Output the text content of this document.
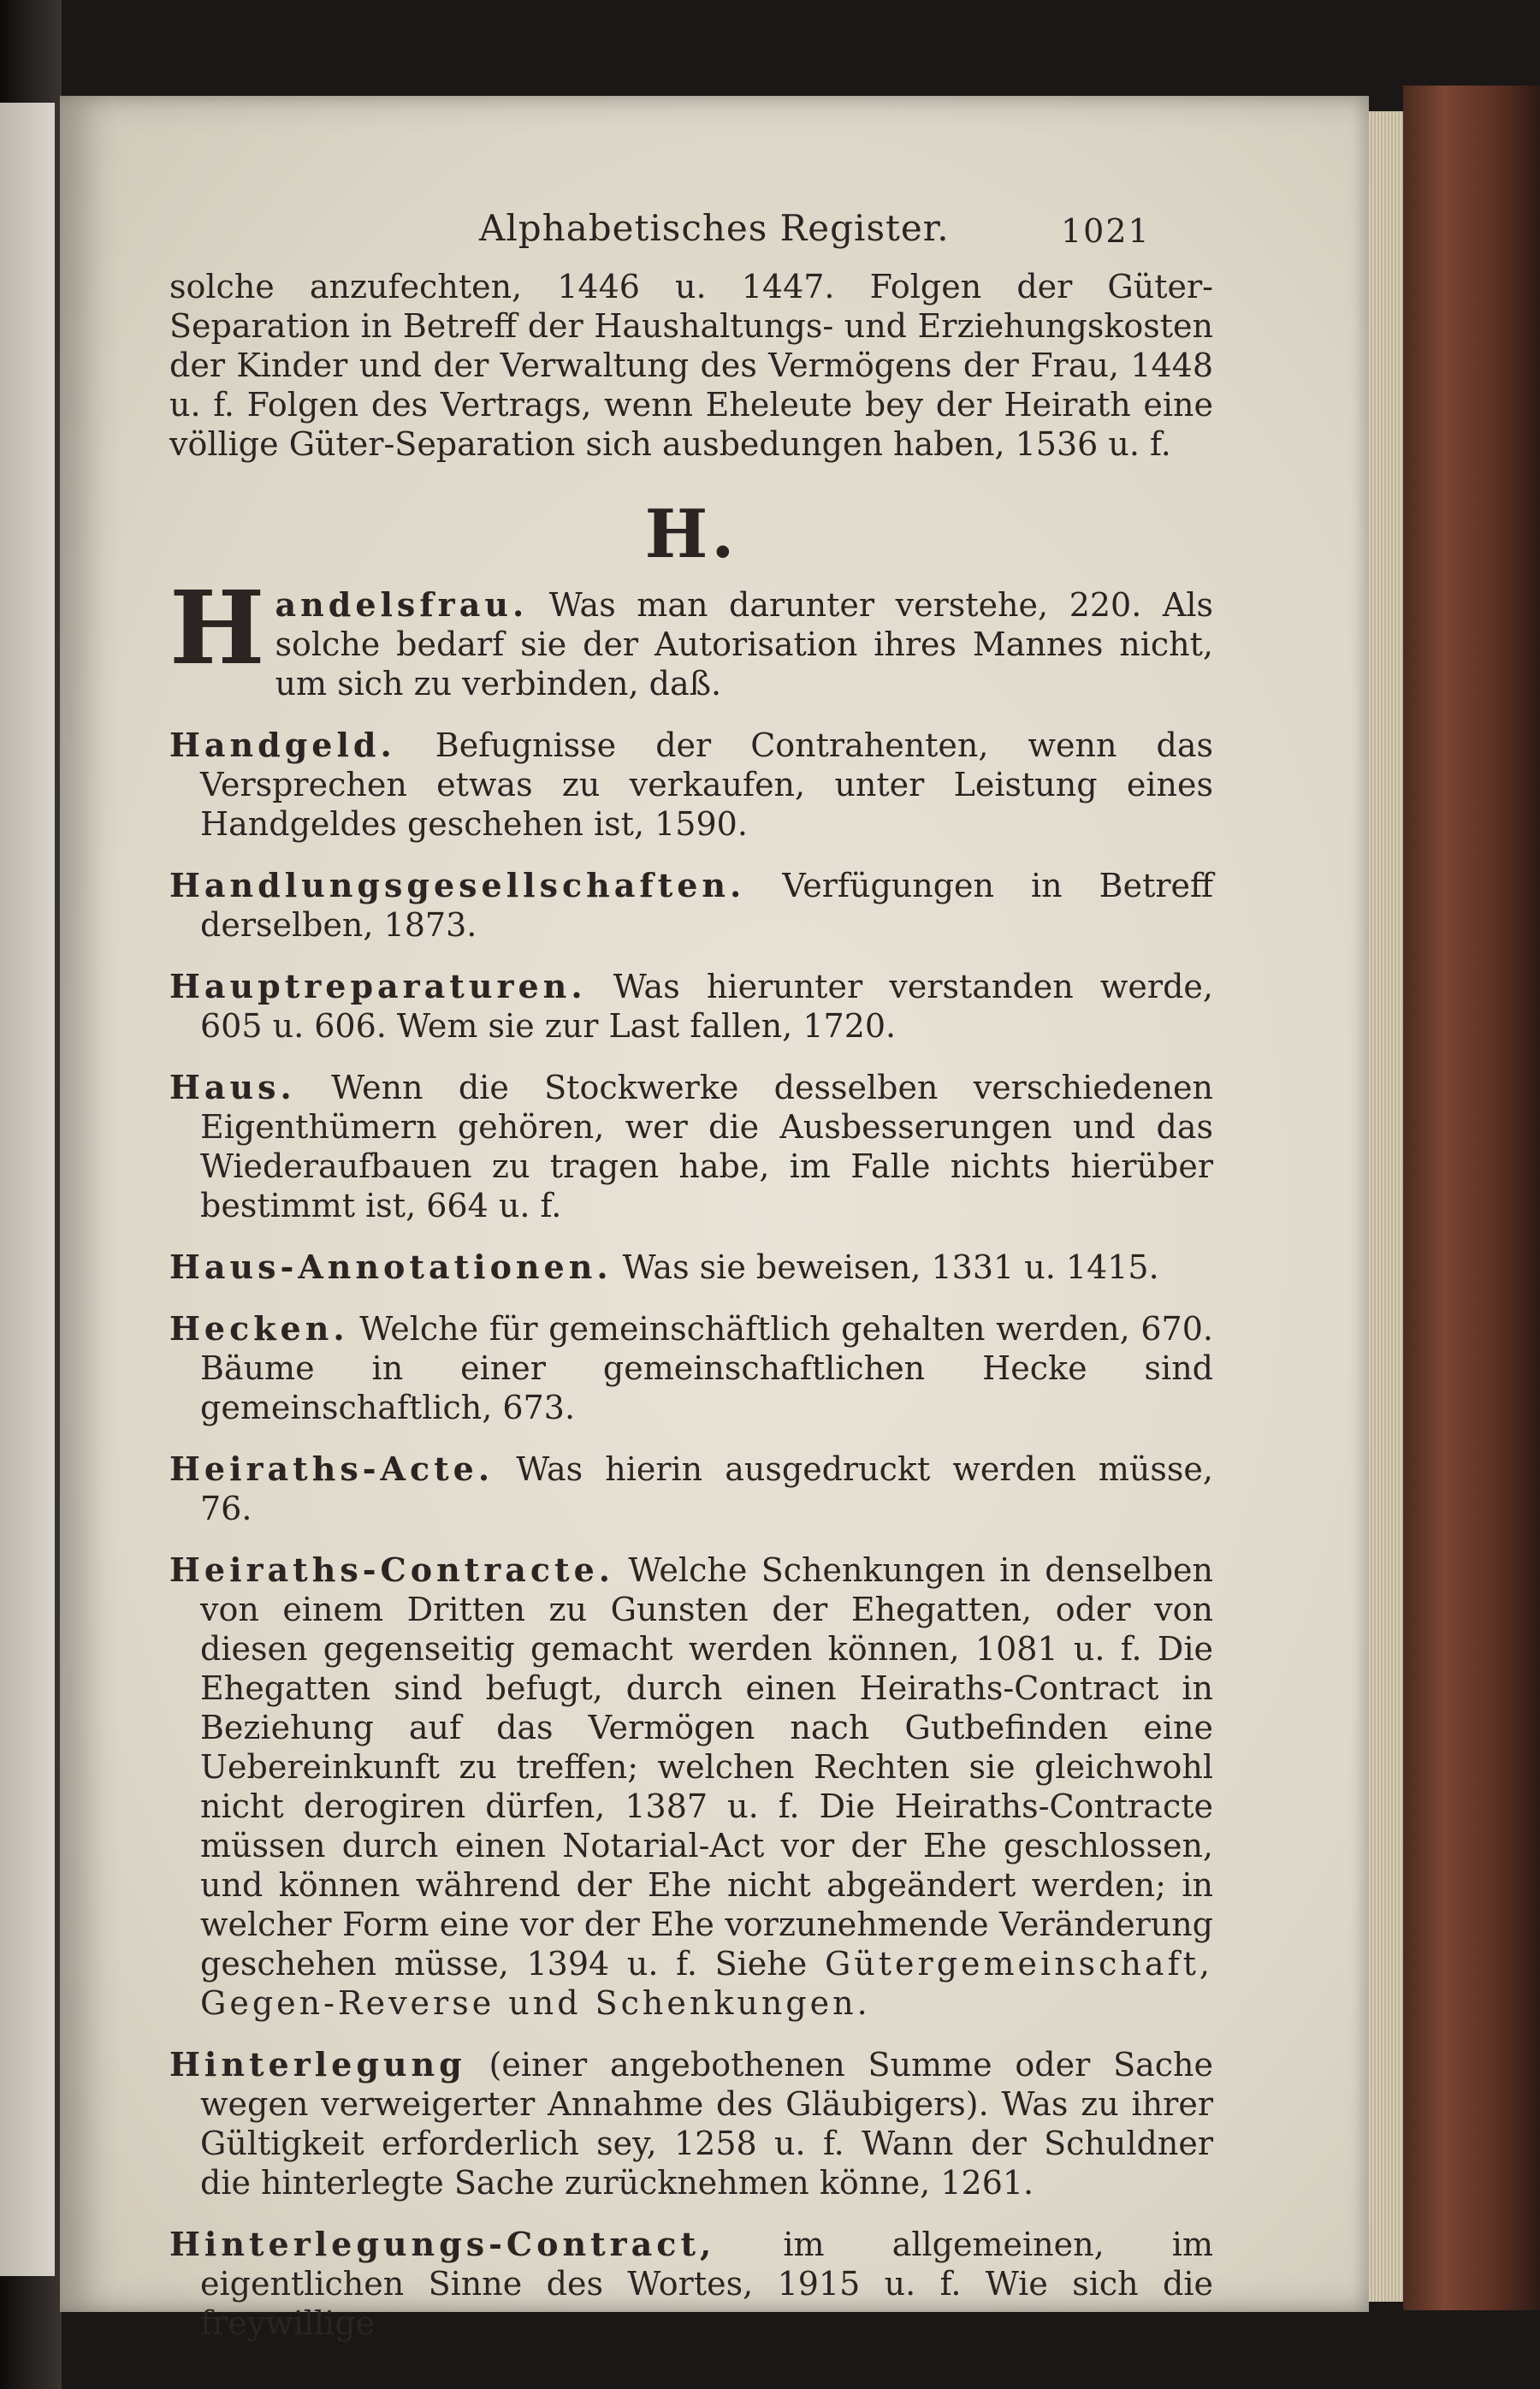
Alphabetisches Register.	1021

solche anzufechten, 1446 u. 1447. Folgen der Güter-Separation in Betreff der Haushaltungs- und Erziehungskosten der Kinder und der Verwaltung des Vermögens der Frau, 1448 u. f. Folgen des Vertrags, wenn Eheleute bey der Heirath eine völlige Güter-Separation sich ausbedungen haben, 1536 u. f.

H.

Handelsfrau. Was man darunter verstehe, 220. Als solche bedarf sie der Autorisation ihres Mannes nicht, um sich zu verbinden, daß.

Handgeld. Befugnisse der Contrahenten, wenn das Versprechen etwas zu verkaufen, unter Leistung eines Handgeldes geschehen ist, 1590.

Handlungsgesellschaften. Verfügungen in Betreff derselben, 1873.

Hauptreparaturen. Was hierunter verstanden werde, 605 u. 606. Wem sie zur Last fallen, 1720.

Haus. Wenn die Stockwerke desselben verschiedenen Eigenthümern gehören, wer die Ausbesserungen und das Wiederaufbauen zu tragen habe, im Falle nichts hierüber bestimmt ist, 664 u. f.

Haus-Annotationen. Was sie beweisen, 1331 u. 1415.

Hecken. Welche für gemeinschäftlich gehalten werden, 670. Bäume in einer gemeinschaftlichen Hecke sind gemeinschaftlich, 673.

Heiraths-Acte. Was hierin ausgedruckt werden müsse, 76.

Heiraths-Contracte. Welche Schenkungen in denselben von einem Dritten zu Gunsten der Ehegatten, oder von diesen gegenseitig gemacht werden können, 1081 u. f. Die Ehegatten sind befugt, durch einen Heiraths-Contract in Beziehung auf das Vermögen nach Gutbefinden eine Uebereinkunft zu treffen; welchen Rechten sie gleichwohl nicht derogiren dürfen, 1387 u. f. Die Heiraths-Contracte müssen durch einen Notarial-Act vor der Ehe geschlossen, und können während der Ehe nicht abgeändert werden; in welcher Form eine vor der Ehe vorzunehmende Veränderung geschehen müsse, 1394 u. f. Siehe Gütergemeinschaft, Gegen-Reverse und Schenkungen.

Hinterlegung (einer angebothenen Summe oder Sache wegen verweigerter Annahme des Gläubigers). Was zu ihrer Gültigkeit erforderlich sey, 1258 u. f. Wann der Schuldner die hinterlegte Sache zurücknehmen könne, 1261.

Hinterlegungs-Contract, im allgemeinen, im eigentlichen Sinne des Wortes, 1915 u. f. Wie sich die freywillige
